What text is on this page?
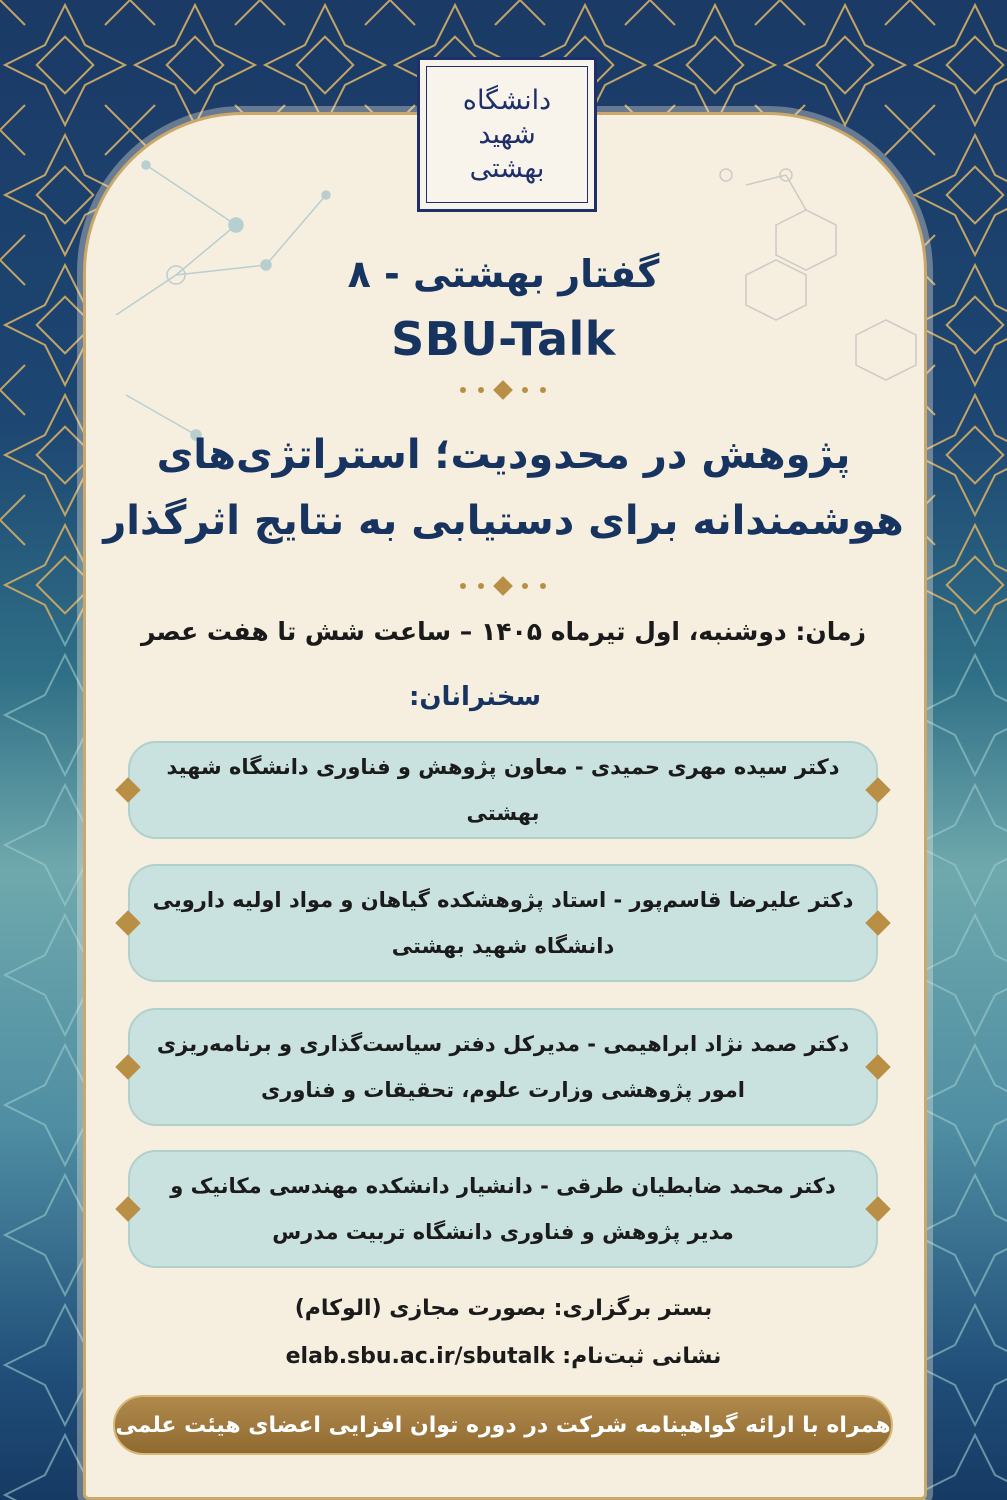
دانشگاه
شهید
بهشتی
گفتار بهشتی - ۸
SBU-Talk
پژوهش در محدودیت؛ استراتژی‌های
هوشمندانه برای دستیابی به نتایج اثرگذار
زمان: دوشنبه، اول تیرماه ۱۴۰۵ – ساعت شش تا هفت عصر
سخنرانان:
دکتر سیده مهری حمیدی - معاون پژوهش و فناوری دانشگاه شهید بهشتی
دکتر علیرضا قاسم‌پور - استاد پژوهشکده گیاهان و مواد اولیه دارویی
دانشگاه شهید بهشتی
دکتر صمد نژاد ابراهیمی - مدیرکل دفتر سیاست‌گذاری و برنامه‌ریزی
امور پژوهشی وزارت علوم، تحقیقات و فناوری
دکتر محمد ضابطیان طرقی - دانشیار دانشکده مهندسی مکانیک و
مدیر پژوهش و فناوری دانشگاه تربیت مدرس
بستر برگزاری: بصورت مجازی (الوکام)
نشانی ثبت‌نام: elab.sbu.ac.ir/sbutalk
همراه با ارائه گواهینامه شرکت در دوره توان افزایی اعضای هیئت علمی
